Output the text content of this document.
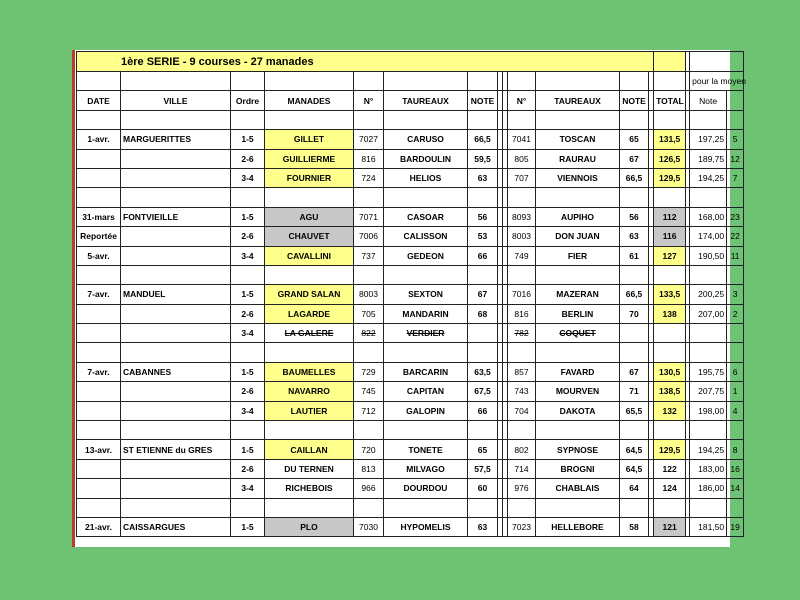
1ère SERIE - 9 courses - 27 manades																
															pour la moyen	
DATE	VILLE	Ordre	MANADES	N°	TAUREAUX	NOTE			N°	TAUREAUX	NOTE		TOTAL		Note	

1-avr.	MARGUERITTES	1-5	GILLET	7027	CARUSO	66,5			7041	TOSCAN	65		131,5		197,25	5
		2-6	GUILLIERME	816	BARDOULIN	59,5			805	RAURAU	67		126,5		189,75	12
		3-4	FOURNIER	724	HELIOS	63			707	VIENNOIS	66,5		129,5		194,25	7

31-mars	FONTVIEILLE	1-5	AGU	7071	CASOAR	56			8093	AUPIHO	56		112		168,00	23
Reportée		2-6	CHAUVET	7006	CALISSON	53			8003	DON JUAN	63		116		174,00	22
5-avr.		3-4	CAVALLINI	737	GEDEON	66			749	FIER	61		127		190,50	11

7-avr.	MANDUEL	1-5	GRAND SALAN	8003	SEXTON	67			7016	MAZERAN	66,5		133,5		200,25	3
		2-6	LAGARDE	705	MANDARIN	68			816	BERLIN	70		138		207,00	2
		3-4	LA GALERE	822	VERDIER				782	COQUET						

7-avr.	CABANNES	1-5	BAUMELLES	729	BARCARIN	63,5			857	FAVARD	67		130,5		195,75	6
		2-6	NAVARRO	745	CAPITAN	67,5			743	MOURVEN	71		138,5		207,75	1
		3-4	LAUTIER	712	GALOPIN	66			704	DAKOTA	65,5		132		198,00	4

13-avr.	ST ETIENNE du GRES	1-5	CAILLAN	720	TONETE	65			802	SYPNOSE	64,5		129,5		194,25	8
		2-6	DU TERNEN	813	MILVAGO	57,5			714	BROGNI	64,5		122		183,00	16
		3-4	RICHEBOIS	966	DOURDOU	60			976	CHABLAIS	64		124		186,00	14

21-avr.	CAISSARGUES	1-5	PLO	7030	HYPOMELIS	63			7023	HELLEBORE	58		121		181,50	19
